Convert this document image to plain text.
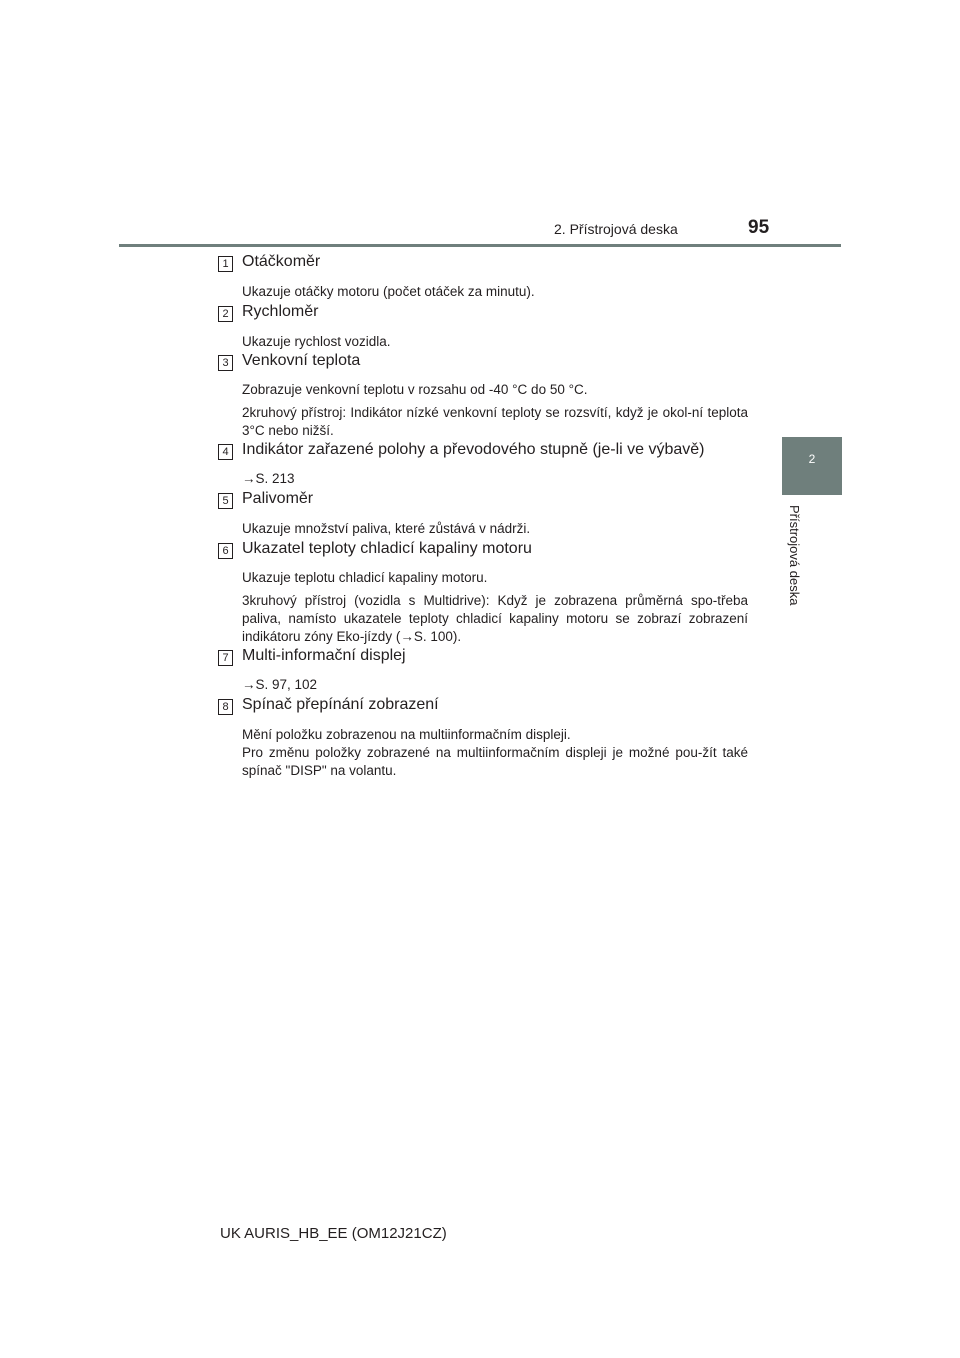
2. Přístrojová deska	95
2
Přístrojová deska
1 Otáčkoměr

Ukazuje otáčky motoru (počet otáček za minutu).

2 Rychloměr

Ukazuje rychlost vozidla.

3 Venkovní teplota

Zobrazuje venkovní teplotu v rozsahu od -40 °C do 50 °C.

2kruhový přístroj: Indikátor nízké venkovní teploty se rozsvítí, když je okol-ní teplota 3°C nebo nižší.

4 Indikátor zařazené polohy a převodového stupně (je-li ve výbavě)

→S. 213

5 Palivoměr

Ukazuje množství paliva, které zůstává v nádrži.

6 Ukazatel teploty chladicí kapaliny motoru

Ukazuje teplotu chladicí kapaliny motoru.

3kruhový přístroj (vozidla s Multidrive): Když je zobrazena průměrná spo-třeba paliva, namísto ukazatele teploty chladicí kapaliny motoru se zobrazí zobrazení indikátoru zóny Eko-jízdy (→S. 100).

7 Multi-informační displej

→S. 97, 102

8 Spínač přepínání zobrazení

Mění položku zobrazenou na multiinformačním displeji.
Pro změnu položky zobrazené na multiinformačním displeji je možné pou-žít také spínač "DISP" na volantu.

UK AURIS_HB_EE (OM12J21CZ)
